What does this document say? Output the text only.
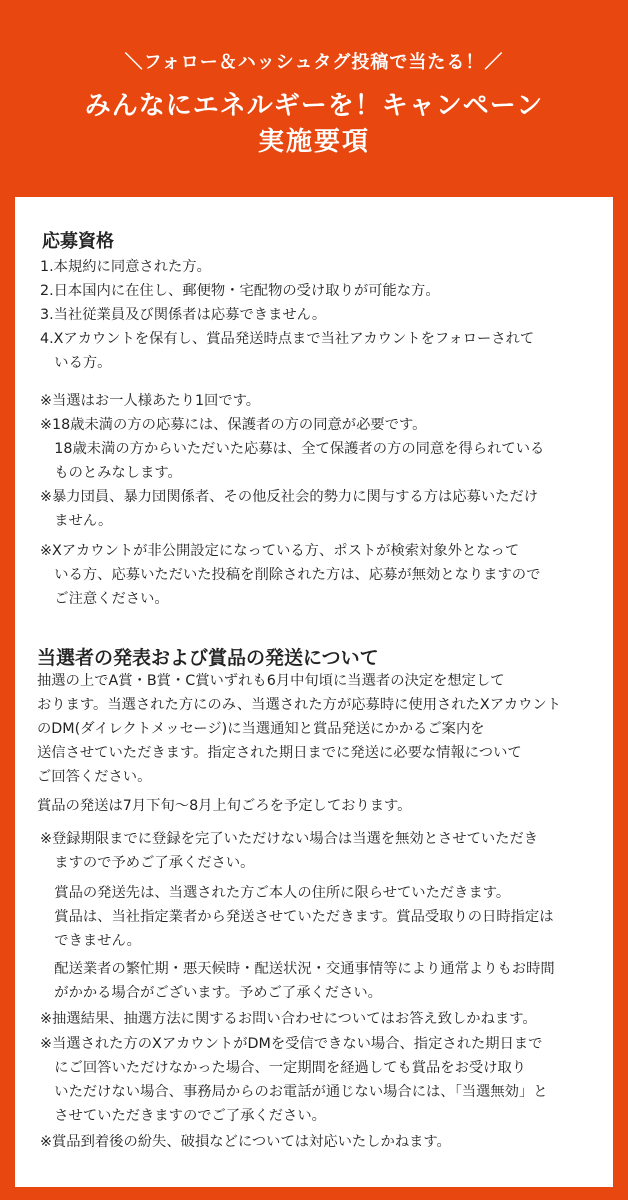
＼フォロー＆ハッシュタグ投稿で当たる！／
みんなにエネルギーを！キャンペーン
実施要項
応募資格
1.本規約に同意された方。
2.日本国内に在住し、郵便物・宅配物の受け取りが可能な方。
3.当社従業員及び関係者は応募できません。
4.Xアカウントを保有し、賞品発送時点まで当社アカウントをフォローされて
　いる方。
※当選はお一人様あたり1回です。
※18歳未満の方の応募には、保護者の方の同意が必要です。
　18歳未満の方からいただいた応募は、全て保護者の方の同意を得られている
　ものとみなします。
※暴力団員、暴力団関係者、その他反社会的勢力に関与する方は応募いただけ
　ません。
※Xアカウントが非公開設定になっている方、ポストが検索対象外となって
　いる方、応募いただいた投稿を削除された方は、応募が無効となりますので
　ご注意ください。
当選者の発表および賞品の発送について
抽選の上でA賞・B賞・C賞いずれも6月中旬頃に当選者の決定を想定して
おります。当選された方にのみ、当選された方が応募時に使用されたXアカウント
のDM(ダイレクトメッセージ)に当選通知と賞品発送にかかるご案内を
送信させていただきます。指定された期日までに発送に必要な情報について
ご回答ください。
賞品の発送は7月下旬〜8月上旬ごろを予定しております。
※登録期限までに登録を完了いただけない場合は当選を無効とさせていただき
　ますので予めご了承ください。
　賞品の発送先は、当選された方ご本人の住所に限らせていただきます。
　賞品は、当社指定業者から発送させていただきます。賞品受取りの日時指定は
　できません。
　配送業者の繁忙期・悪天候時・配送状況・交通事情等により通常よりもお時間
　がかかる場合がございます。予めご了承ください。
※抽選結果、抽選方法に関するお問い合わせについてはお答え致しかねます。
※当選された方のXアカウントがDMを受信できない場合、指定された期日まで
　にご回答いただけなかった場合、一定期間を経過しても賞品をお受け取り
　いただけない場合、事務局からのお電話が通じない場合には、「当選無効」と
　させていただきますのでご了承ください。
※賞品到着後の紛失、破損などについては対応いたしかねます。
